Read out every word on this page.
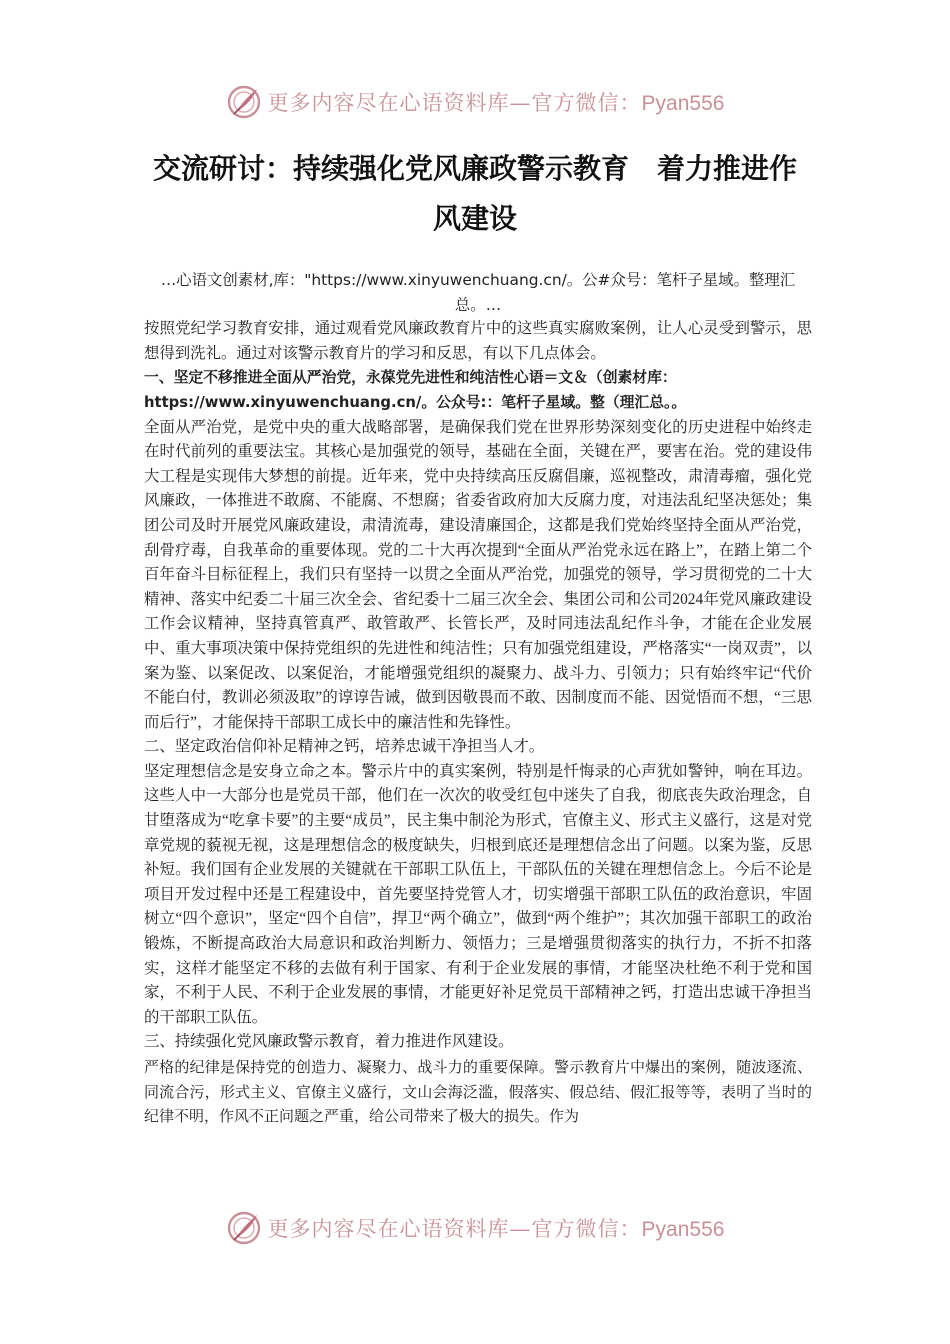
更多内容尽在心语资料库—官方微信：Pyan556
交流研讨：持续强化党风廉政警示教育　着力推进作风建设

…心语文创素材,库："https://www.xinyuwenchuang.cn/。公#众号：笔杆子星域。整理汇总。…

按照党纪学习教育安排，通过观看党风廉政教育片中的这些真实腐败案例，让人心灵受到警示，思想得到洗礼。通过对该警示教育片的学习和反思，有以下几点体会。

一、坚定不移推进全面从严治党，永葆党先进性和纯洁性心语＝文＆（创素材库：https://www.xinyuwenchuang.cn/。公众号:：笔杆子星域。整（理汇总。。

全面从严治党，是党中央的重大战略部署，是确保我们党在世界形势深刻变化的历史进程中始终走在时代前列的重要法宝。其核心是加强党的领导，基础在全面，关键在严，要害在治。党的建设伟大工程是实现伟大梦想的前提。近年来，党中央持续高压反腐倡廉，巡视整改，肃清毒瘤，强化党风廉政，一体推进不敢腐、不能腐、不想腐；省委省政府加大反腐力度，对违法乱纪坚决惩处；集团公司及时开展党风廉政建设，肃清流毒，建设清廉国企，这都是我们党始终坚持全面从严治党，刮骨疗毒，自我革命的重要体现。党的二十大再次提到“全面从严治党永远在路上”，在踏上第二个百年奋斗目标征程上，我们只有坚持一以贯之全面从严治党，加强党的领导，学习贯彻党的二十大精神、落实中纪委二十届三次全会、省纪委十二届三次全会、集团公司和公司2024年党风廉政建设工作会议精神，坚持真管真严、敢管敢严、长管长严，及时同违法乱纪作斗争，才能在企业发展中、重大事项决策中保持党组织的先进性和纯洁性；只有加强党组建设，严格落实“一岗双责”，以案为鉴、以案促改、以案促治，才能增强党组织的凝聚力、战斗力、引领力；只有始终牢记“代价不能白付，教训必须汲取”的谆谆告诫，做到因敬畏而不敢、因制度而不能、因觉悟而不想，“三思而后行”，才能保持干部职工成长中的廉洁性和先锋性。

二、坚定政治信仰补足精神之钙，培养忠诚干净担当人才。

坚定理想信念是安身立命之本。警示片中的真实案例，特别是忏悔录的心声犹如警钟，响在耳边。这些人中一大部分也是党员干部，他们在一次次的收受红包中迷失了自我，彻底丧失政治理念，自甘堕落成为“吃拿卡要”的主要“成员”，民主集中制沦为形式，官僚主义、形式主义盛行，这是对党章党规的藐视无视，这是理想信念的极度缺失，归根到底还是理想信念出了问题。以案为鉴，反思补短。我们国有企业发展的关键就在干部职工队伍上，干部队伍的关键在理想信念上。今后不论是项目开发过程中还是工程建设中，首先要坚持党管人才，切实增强干部职工队伍的政治意识，牢固树立“四个意识”，坚定“四个自信”，捍卫“两个确立”，做到“两个维护”；其次加强干部职工的政治锻炼，不断提高政治大局意识和政治判断力、领悟力；三是增强贯彻落实的执行力，不折不扣落实，这样才能坚定不移的去做有利于国家、有利于企业发展的事情，才能坚决杜绝不利于党和国家，不利于人民、不利于企业发展的事情，才能更好补足党员干部精神之钙，打造出忠诚干净担当的干部职工队伍。

三、持续强化党风廉政警示教育，着力推进作风建设。

严格的纪律是保持党的创造力、凝聚力、战斗力的重要保障。警示教育片中爆出的案例，随波逐流、同流合污，形式主义、官僚主义盛行，文山会海泛滥，假落实、假总结、假汇报等等，表明了当时的纪律不明，作风不正问题之严重，给公司带来了极大的损失。作为

更多内容尽在心语资料库—官方微信：Pyan556
